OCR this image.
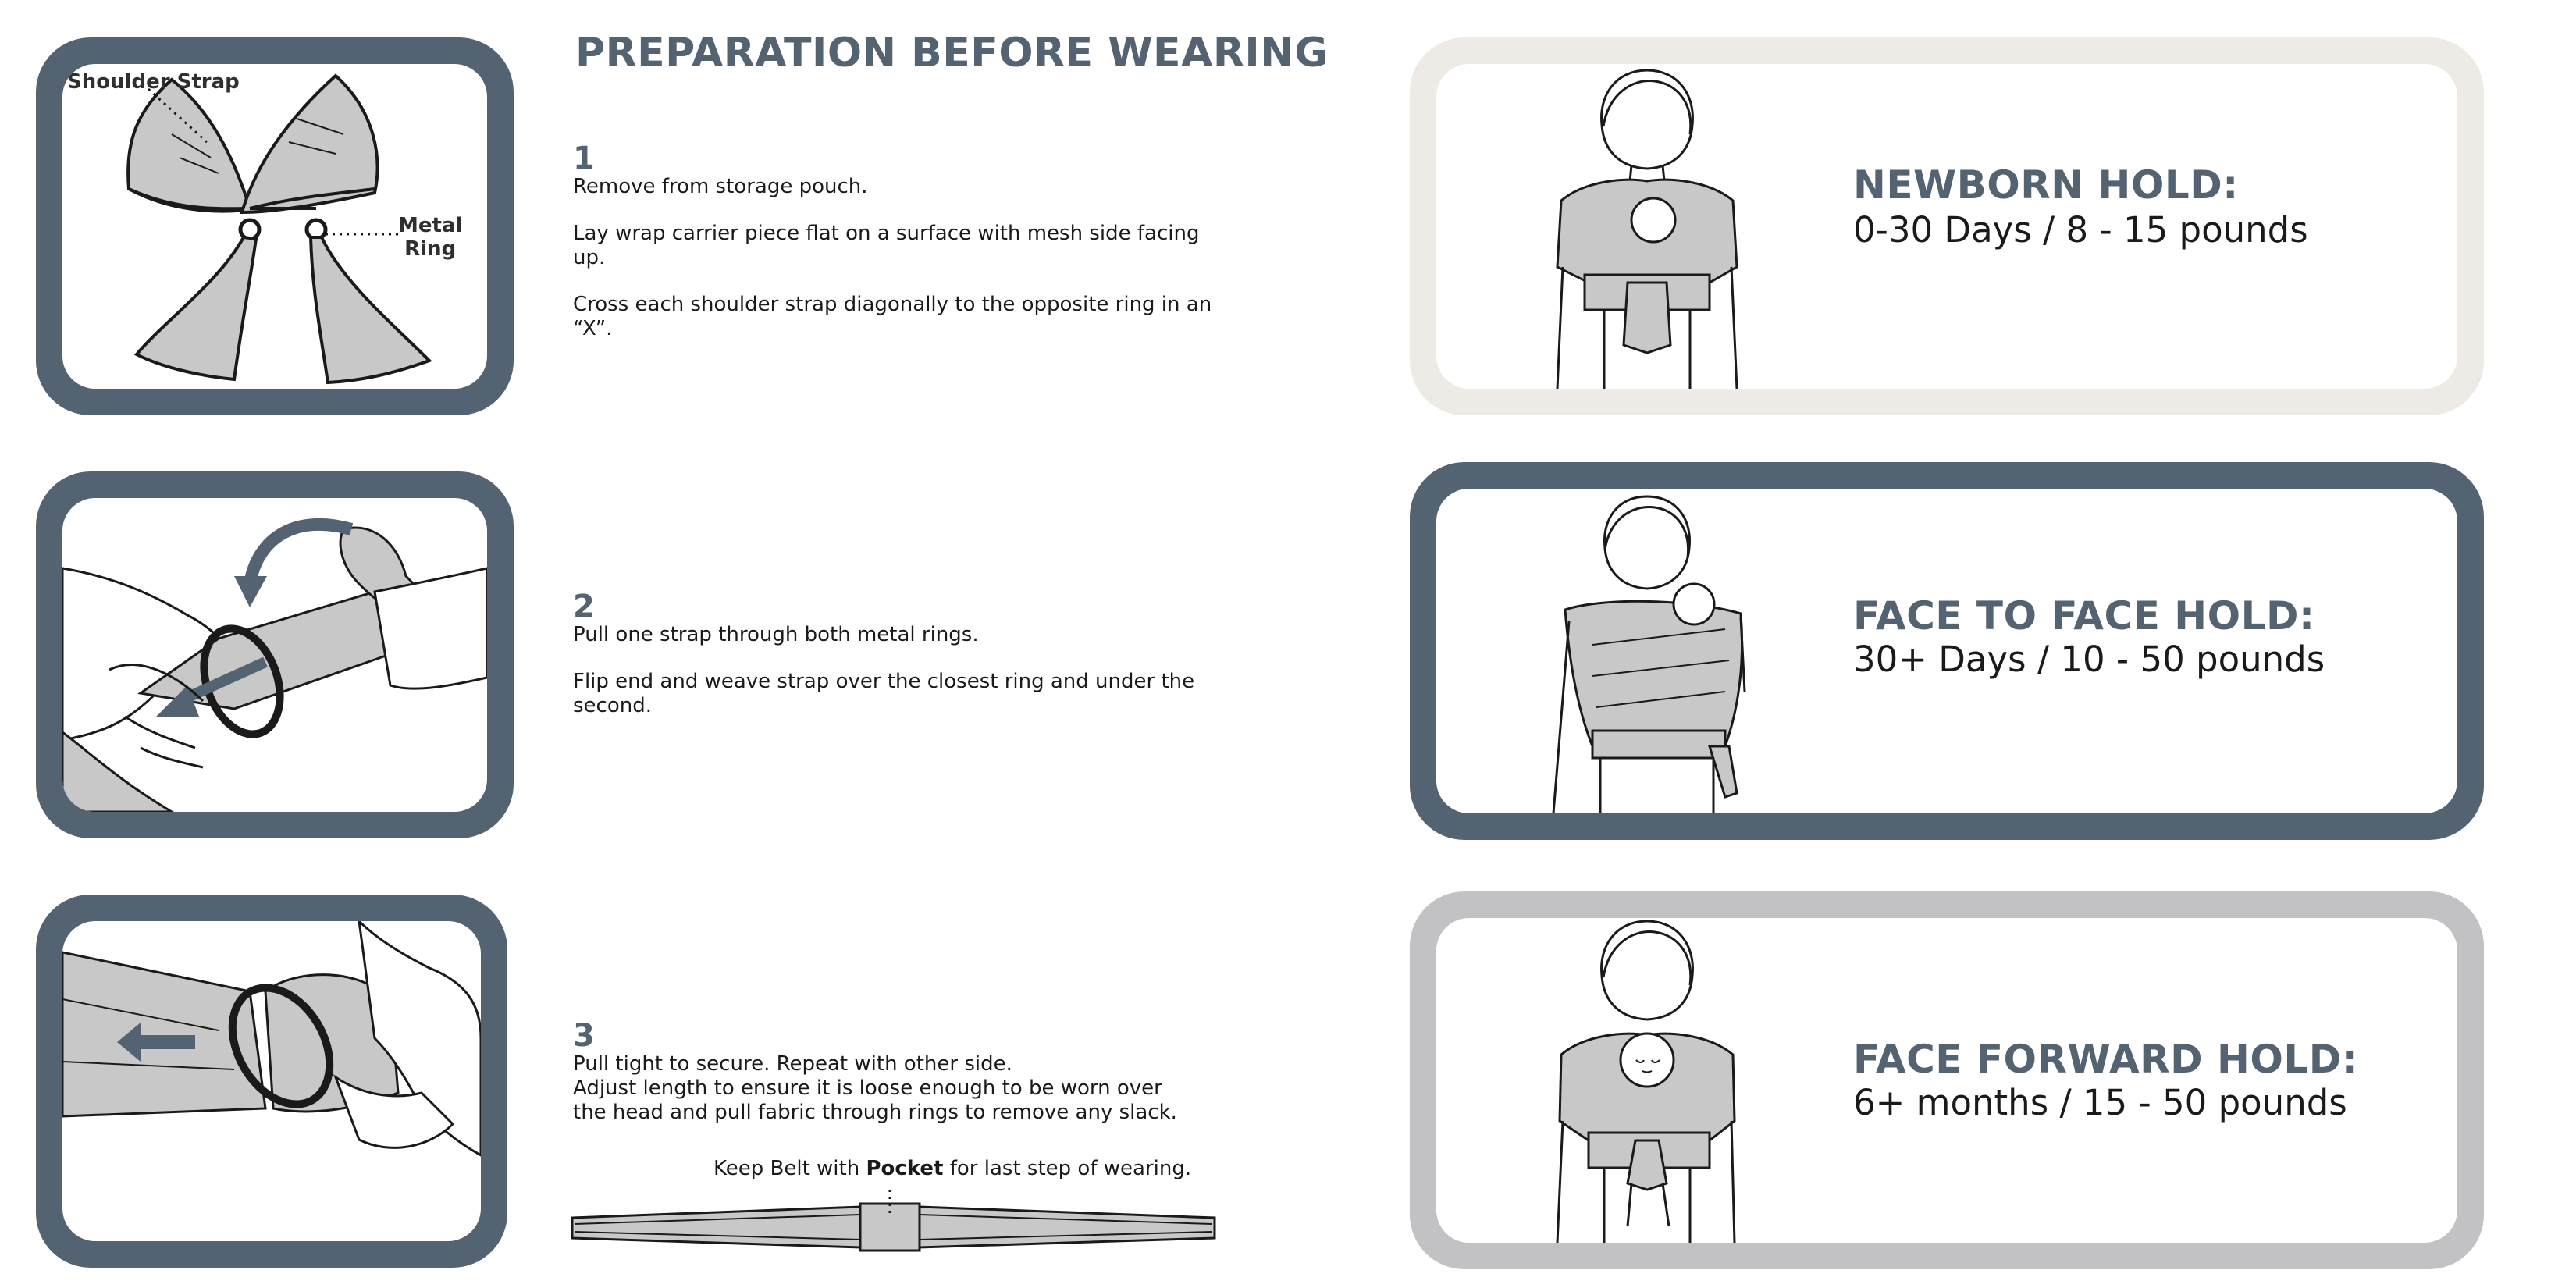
Shoulder Strap
Metal
Ring
PREPARATION BEFORE WEARING
1

Remove from storage pouch.

Lay wrap carrier piece flat on a surface with mesh side facing up.

Cross each shoulder strap diagonally to the opposite ring in an “X”.

2

Pull one strap through both metal rings.

Flip end and weave strap over the closest ring and under the second.

3

Pull tight to secure. Repeat with other side.

Adjust length to ensure it is loose enough to be worn over the head and pull fabric through rings to remove any slack.

Keep Belt with Pocket for last step of wearing.
NEWBORN HOLD:
0-30 Days / 8 - 15 pounds
FACE TO FACE HOLD:
30+ Days / 10 - 50 pounds
FACE FORWARD HOLD:
6+ months / 15 - 50 pounds
